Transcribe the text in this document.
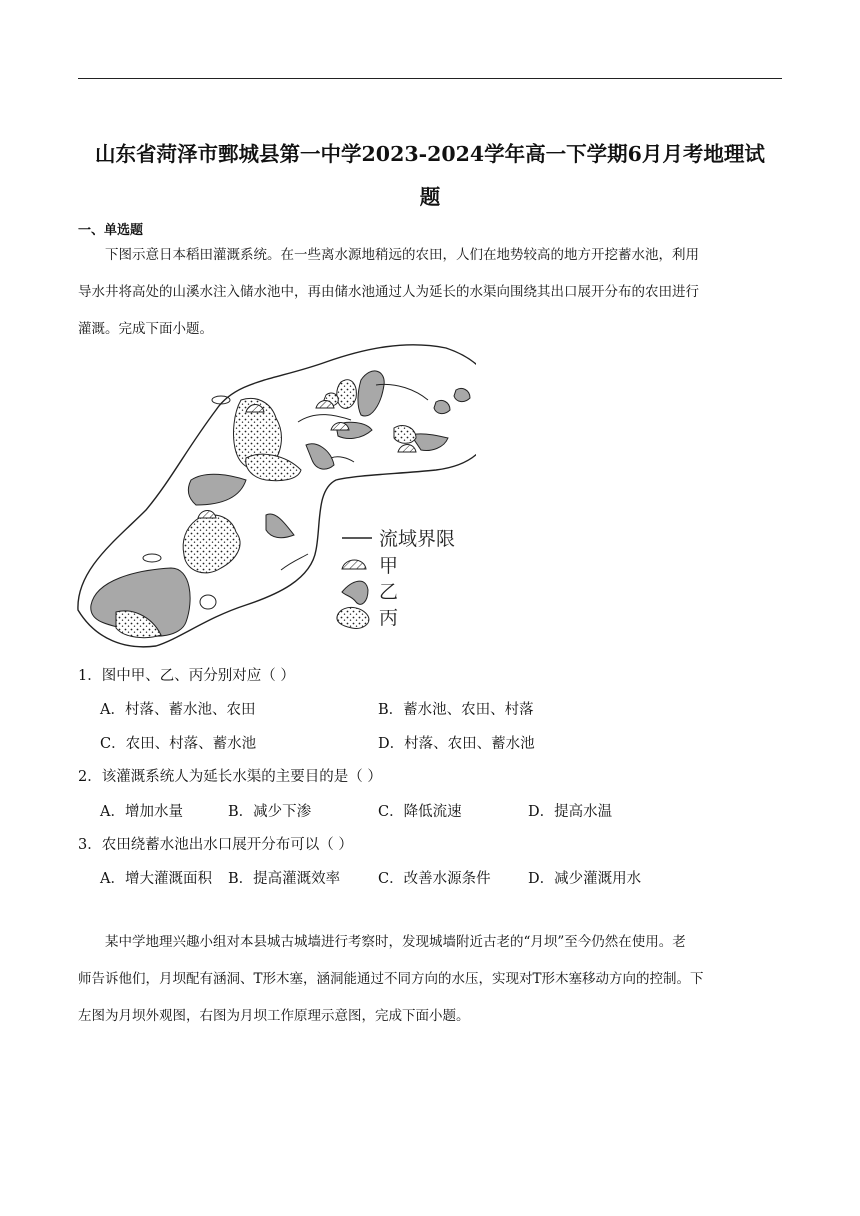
山东省菏泽市鄄城县第一中学2023-2024学年高一下学期6月月考地理试
题
一、单选题

下图示意日本稻田灌溉系统。在一些离水源地稍远的农田，人们在地势较高的地方开挖蓄水池，利用

导水井将高处的山溪水注入储水池中，再由储水池通过人为延长的水渠向围绕其出口展开分布的农田进行

灌溉。完成下面小题。

流域界限
甲
乙
丙
1．图中甲、乙、丙分别对应（ ）
A．村落、蓄水池、农田	B．蓄水池、农田、村落
C．农田、村落、蓄水池	D．村落、农田、蓄水池
2．该灌溉系统人为延长水渠的主要目的是（ ）
A．增加水量	B．减少下渗	C．降低流速	D．提高水温
3．农田绕蓄水池出水口展开分布可以（ ）
A．增大灌溉面积 B．提高灌溉效率	C．改善水源条件	D．减少灌溉用水

某中学地理兴趣小组对本县城古城墙进行考察时，发现城墙附近古老的“月坝”至今仍然在使用。老

师告诉他们，月坝配有涵洞、T形木塞，涵洞能通过不同方向的水压，实现对T形木塞移动方向的控制。下

左图为月坝外观图，右图为月坝工作原理示意图，完成下面小题。
